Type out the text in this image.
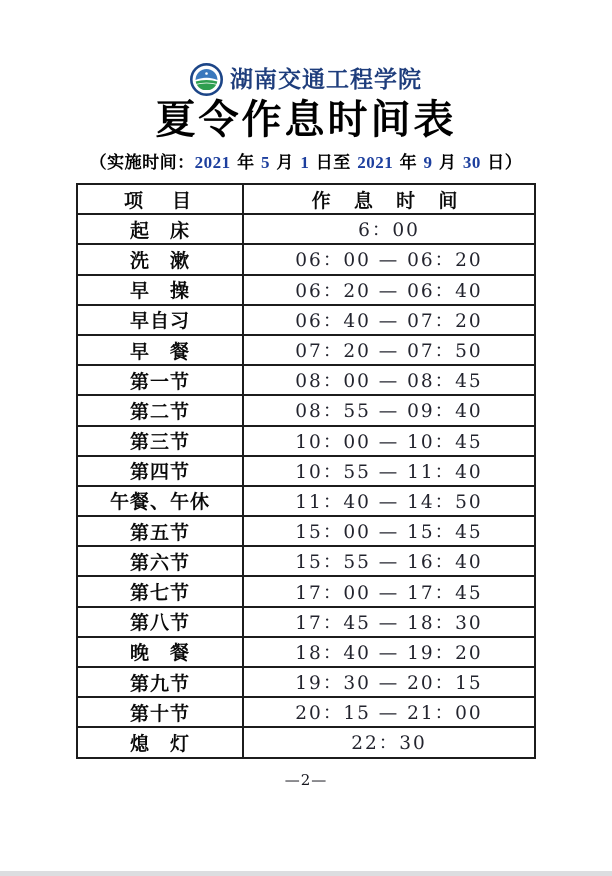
湖南交通工程学院
夏令作息时间表
（实施时间：2021 年 5 月 1 日至 2021 年 9 月 30 日）
项　目	作 息 时 间
起　床	6：00
洗　漱	06：00 — 06：20
早　操	06：20 — 06：40
早自习	06：40 — 07：20
早　餐	07：20 — 07：50
第一节	08：00 — 08：45
第二节	08：55 — 09：40
第三节	10：00 — 10：45
第四节	10：55 — 11：40
午餐、午休	11：40 — 14：50
第五节	15：00 — 15：45
第六节	15：55 — 16：40
第七节	17：00 — 17：45
第八节	17：45 — 18：30
晚　餐	18：40 — 19：20
第九节	19：30 — 20：15
第十节	20：15 — 21：00
熄　灯	22：30
—2—
